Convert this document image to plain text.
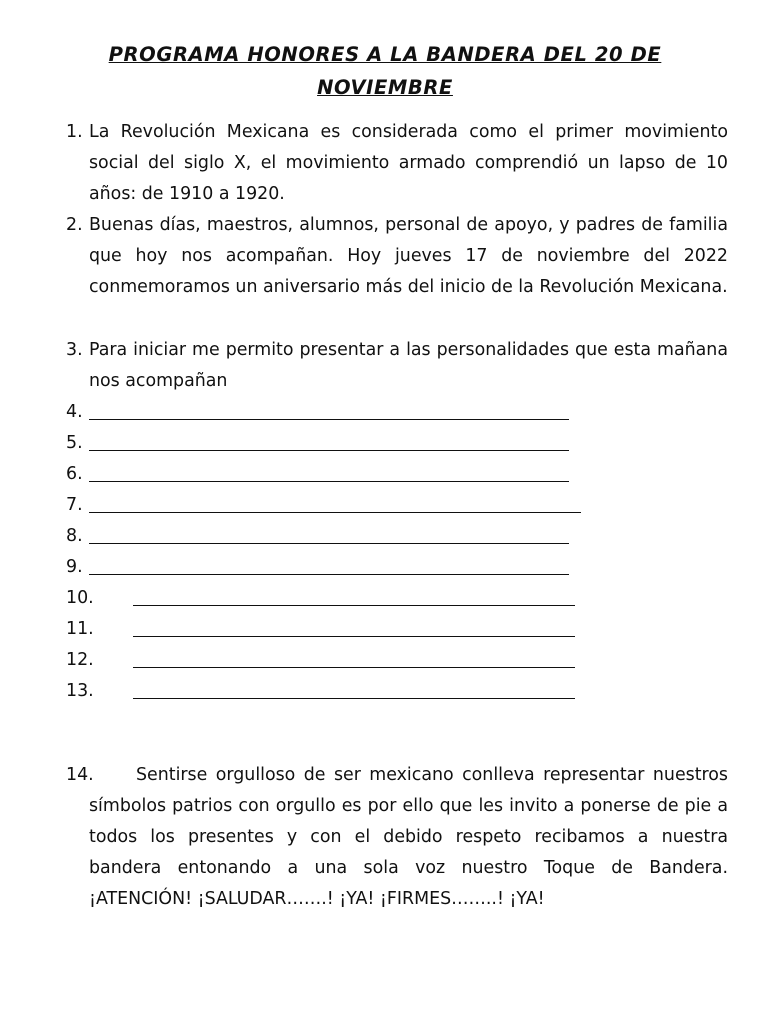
PROGRAMA HONORES A LA BANDERA DEL 20 DE
NOVIEMBRE
1. La Revolución Mexicana es considerada como el primer movimiento social del siglo X, el movimiento armado comprendió un lapso de 10 años: de 1910 a 1920.
2. Buenas días, maestros, alumnos, personal de apoyo, y padres de familia que hoy nos acompañan. Hoy jueves 17 de noviembre del 2022 conmemoramos un aniversario más del inicio de la Revolución Mexicana.
3. Para iniciar me permito presentar a las personalidades que esta mañana nos acompañan
4.
5.
6.
7.
8.
9.
10.
11.
12.
13.
14.	Sentirse orgulloso de ser mexicano conlleva representar nuestros símbolos patrios con orgullo es por ello que les invito a ponerse de pie a todos los presentes y con el debido respeto recibamos a nuestra bandera entonando a una sola voz nuestro Toque de Bandera. ¡ATENCIÓN! ¡SALUDAR…….! ¡YA! ¡FIRMES……..! ¡YA!
